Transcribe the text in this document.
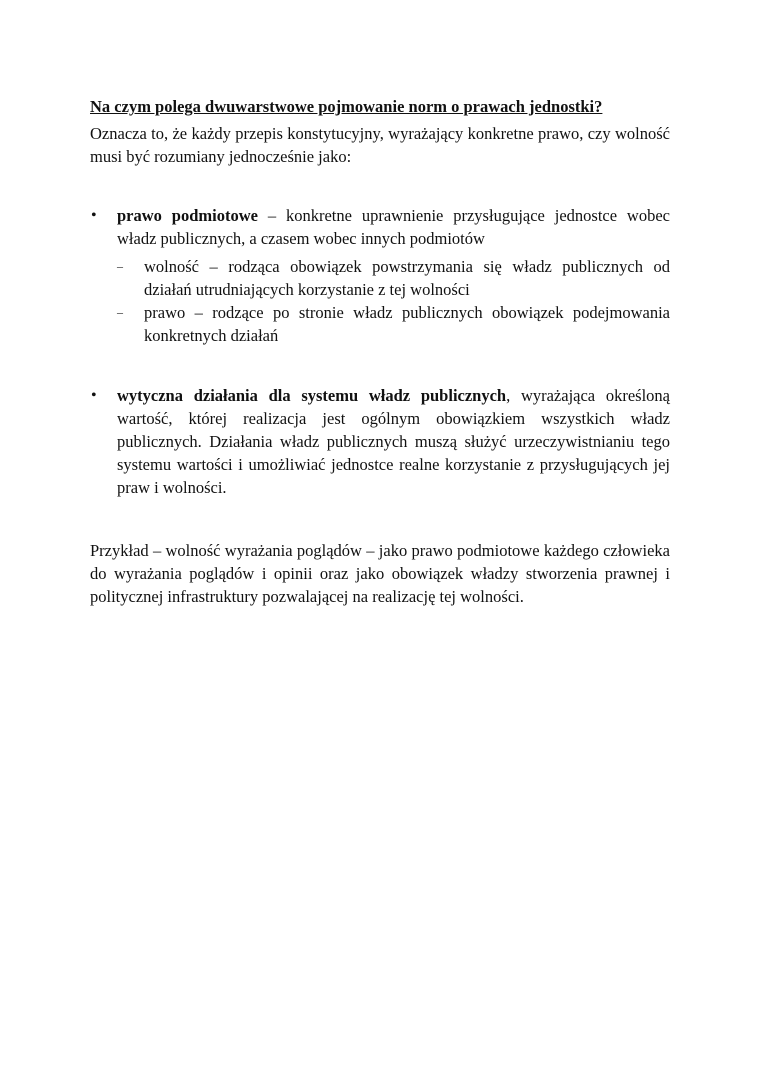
Na czym polega dwuwarstwowe pojmowanie norm o prawach jednostki?

Oznacza to, że każdy przepis konstytucyjny, wyrażający konkretne prawo, czy wolność musi być rozumiany jednocześnie jako:

• prawo podmiotowe – konkretne uprawnienie przysługujące jednostce wobec władz publicznych, a czasem wobec innych podmiotów
– wolność – rodząca obowiązek powstrzymania się władz publicznych od działań utrudniających korzystanie z tej wolności
– prawo – rodzące po stronie władz publicznych obowiązek podejmowania konkretnych działań
• wytyczna działania dla systemu władz publicznych, wyrażająca określoną wartość, której realizacja jest ogólnym obowiązkiem wszystkich władz publicznych. Działania władz publicznych muszą służyć urzeczywistnianiu tego systemu wartości i umożliwiać jednostce realne korzystanie z przysługujących jej praw i wolności.

Przykład – wolność wyrażania poglądów – jako prawo podmiotowe każdego człowieka do wyrażania poglądów i opinii oraz jako obowiązek władzy stworzenia prawnej i politycznej infrastruktury pozwalającej na realizację tej wolności.
